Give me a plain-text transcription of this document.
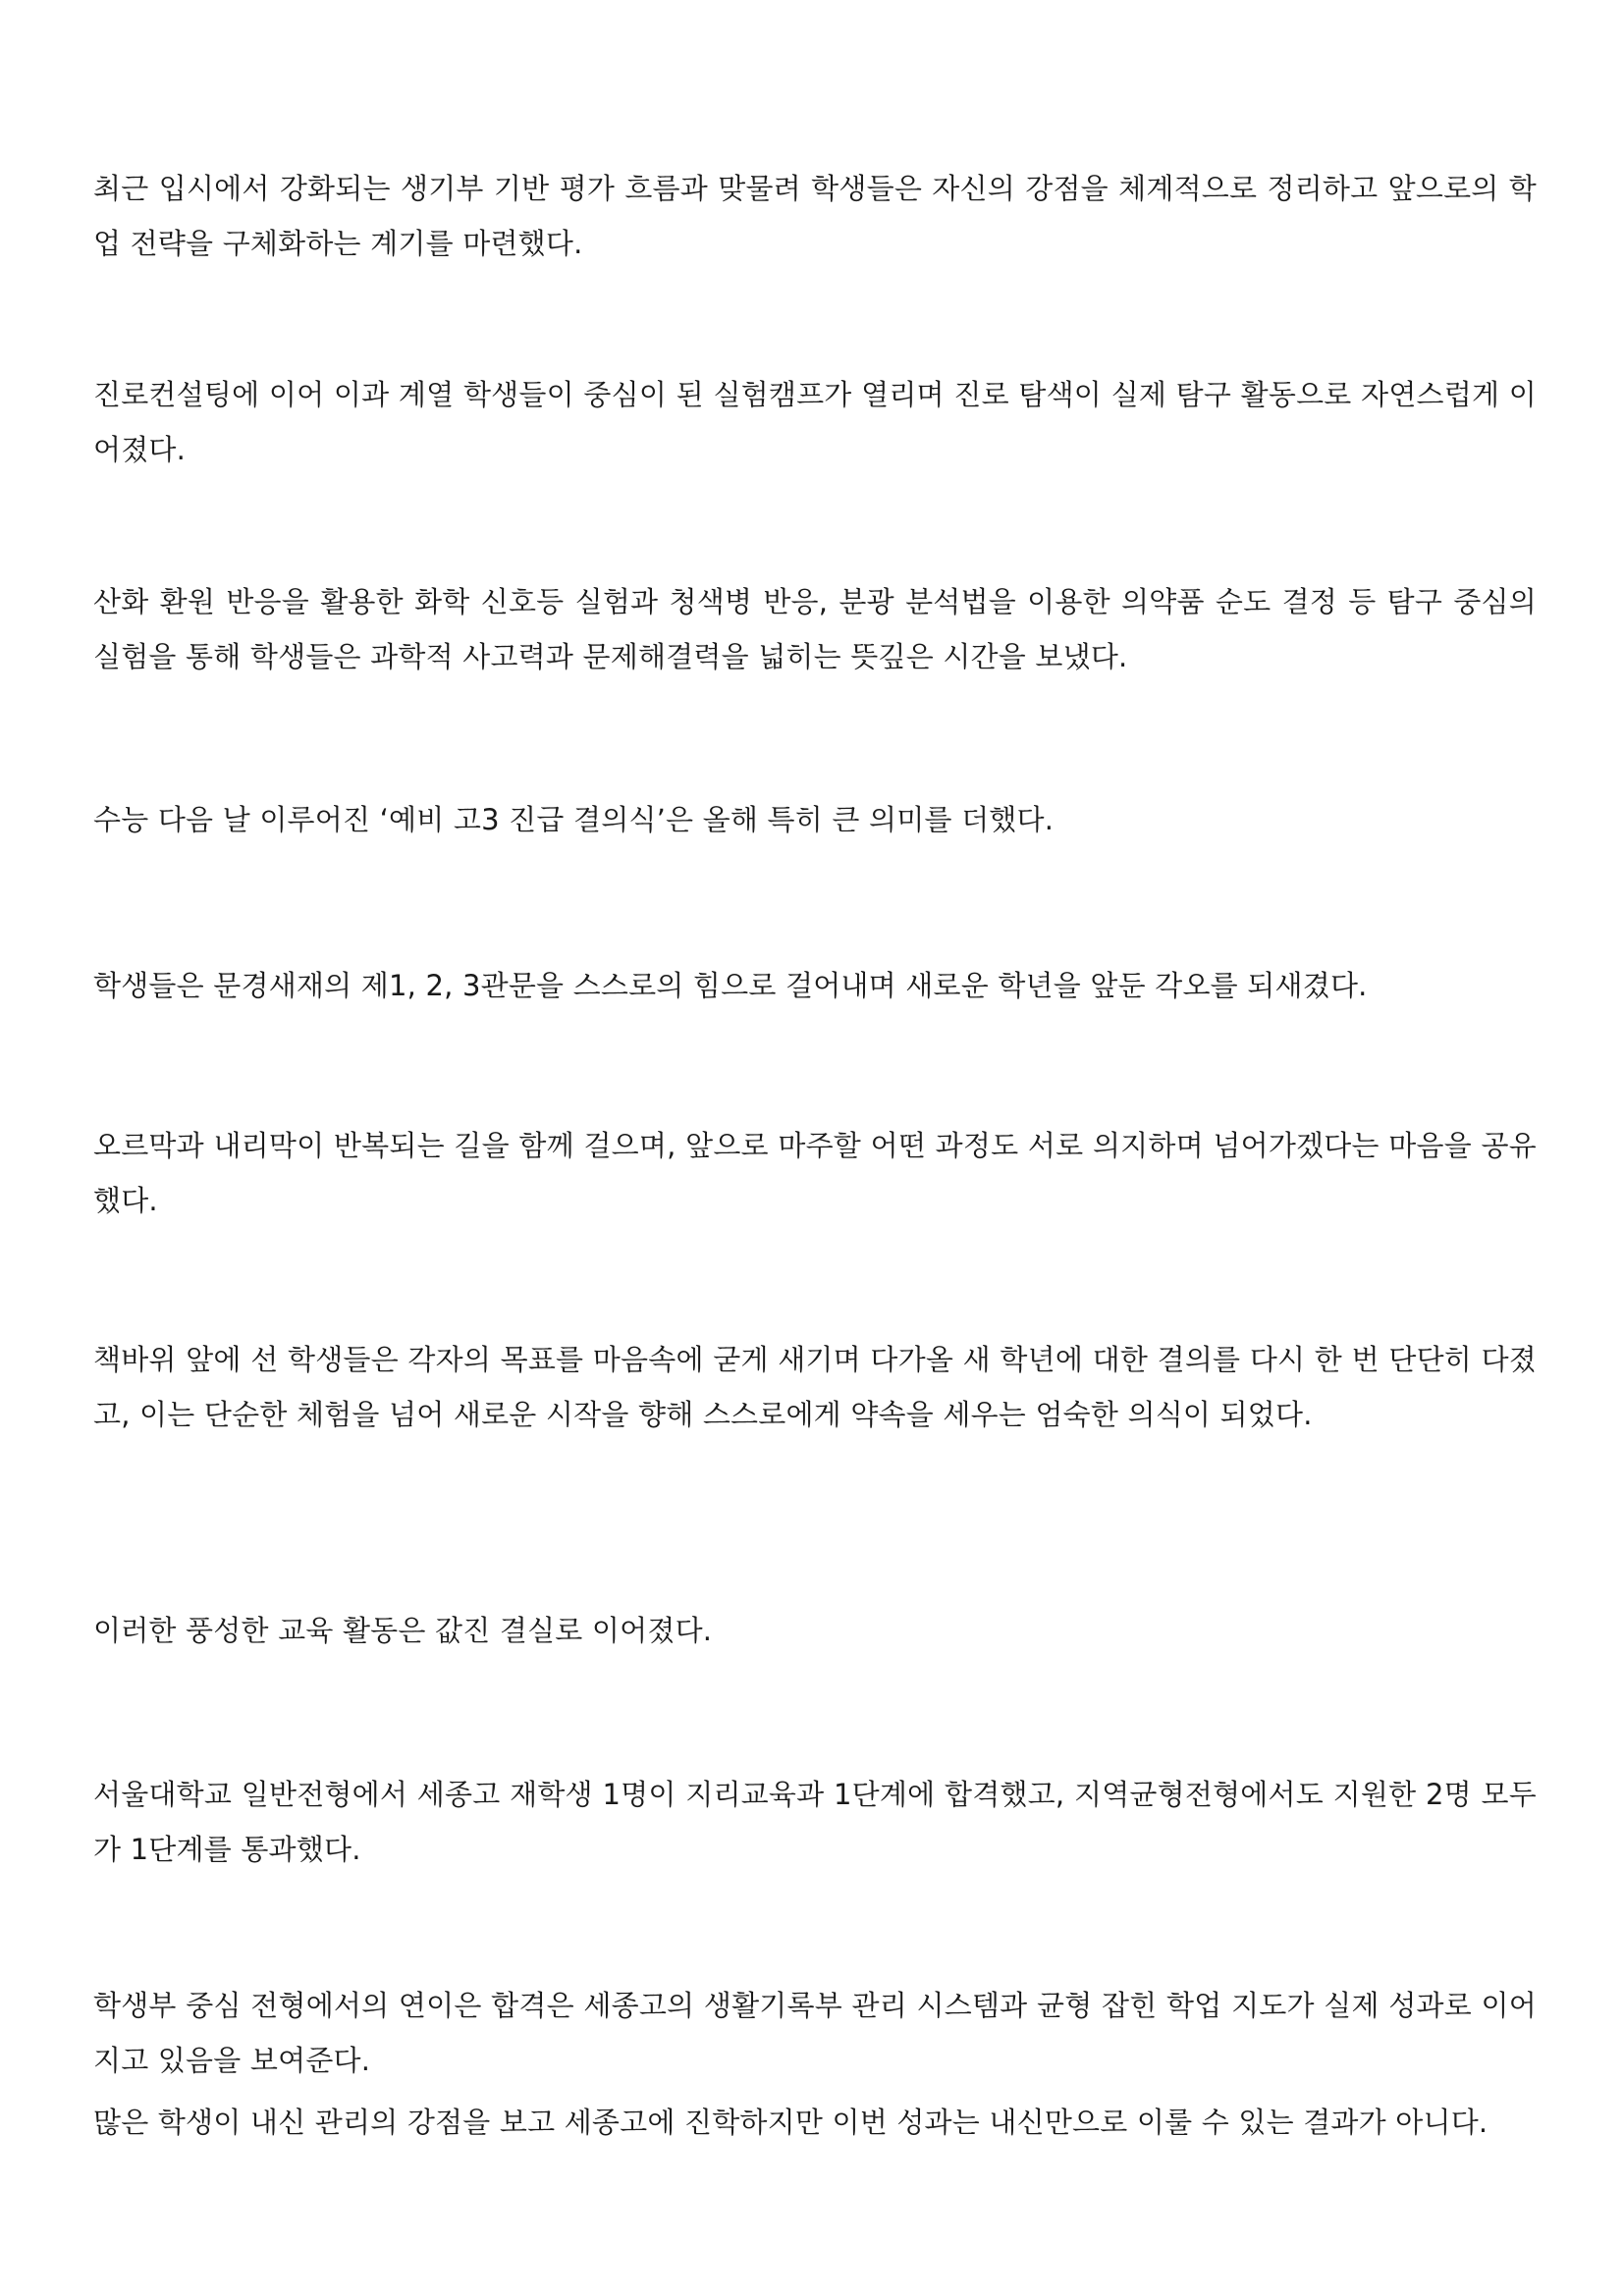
최근 입시에서 강화되는 생기부 기반 평가 흐름과 맞물려 학생들은 자신의 강점을 체계적으로 정리하고 앞으로의 학업 전략을 구체화하는 계기를 마련했다.

진로컨설팅에 이어 이과 계열 학생들이 중심이 된 실험캠프가 열리며 진로 탐색이 실제 탐구 활동으로 자연스럽게 이어졌다.

산화 환원 반응을 활용한 화학 신호등 실험과 청색병 반응, 분광 분석법을 이용한 의약품 순도 결정 등 탐구 중심의 실험을 통해 학생들은 과학적 사고력과 문제해결력을 넓히는 뜻깊은 시간을 보냈다.

수능 다음 날 이루어진 ‘예비 고3 진급 결의식’은 올해 특히 큰 의미를 더했다.

학생들은 문경새재의 제1, 2, 3관문을 스스로의 힘으로 걸어내며 새로운 학년을 앞둔 각오를 되새겼다.

오르막과 내리막이 반복되는 길을 함께 걸으며, 앞으로 마주할 어떤 과정도 서로 의지하며 넘어가겠다는 마음을 공유했다.

책바위 앞에 선 학생들은 각자의 목표를 마음속에 굳게 새기며 다가올 새 학년에 대한 결의를 다시 한 번 단단히 다졌고, 이는 단순한 체험을 넘어 새로운 시작을 향해 스스로에게 약속을 세우는 엄숙한 의식이 되었다.

이러한 풍성한 교육 활동은 값진 결실로 이어졌다.

서울대학교 일반전형에서 세종고 재학생 1명이 지리교육과 1단계에 합격했고, 지역균형전형에서도 지원한 2명 모두가 1단계를 통과했다.

학생부 중심 전형에서의 연이은 합격은 세종고의 생활기록부 관리 시스템과 균형 잡힌 학업 지도가 실제 성과로 이어지고 있음을 보여준다.

많은 학생이 내신 관리의 강점을 보고 세종고에 진학하지만 이번 성과는 내신만으로 이룰 수 있는 결과가 아니다.
